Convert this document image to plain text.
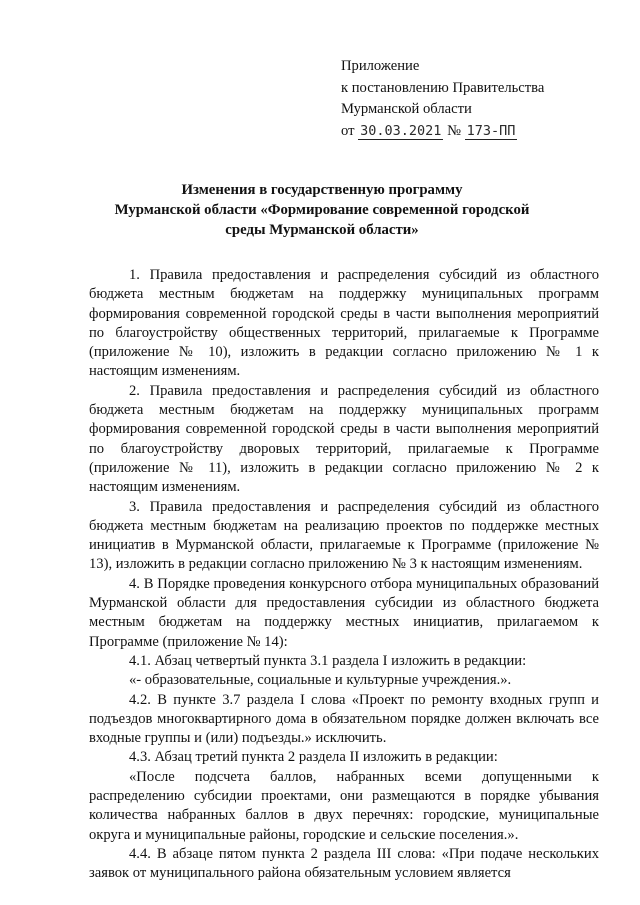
Приложение
к постановлению Правительства
Мурманской области
от 30.03.2021 № 173-ПП
Изменения в государственную программу
Мурманской области «Формирование современной городской
среды Мурманской области»

1. Правила предоставления и распределения субсидий из областного бюджета местным бюджетам на поддержку муниципальных программ формирования современной городской среды в части выполнения мероприятий по благоустройству общественных территорий, прилагаемые к Программе (приложение № 10), изложить в редакции согласно приложению № 1 к настоящим изменениям.

2. Правила предоставления и распределения субсидий из областного бюджета местным бюджетам на поддержку муниципальных программ формирования современной городской среды в части выполнения мероприятий по благоустройству дворовых территорий, прилагаемые к Программе (приложение № 11), изложить в редакции согласно приложению № 2 к настоящим изменениям.

3. Правила предоставления и распределения субсидий из областного бюджета местным бюджетам на реализацию проектов по поддержке местных инициатив в Мурманской области, прилагаемые к Программе (приложение № 13), изложить в редакции согласно приложению № 3 к настоящим изменениям.

4. В Порядке проведения конкурсного отбора муниципальных образований Мурманской области для предоставления субсидии из областного бюджета местным бюджетам на поддержку местных инициатив, прилагаемом к Программе (приложение № 14):

4.1. Абзац четвертый пункта 3.1 раздела I изложить в редакции:

«- образовательные, социальные и культурные учреждения.».

4.2. В пункте 3.7 раздела I слова «Проект по ремонту входных групп и подъездов многоквартирного дома в обязательном порядке должен включать все входные группы и (или) подъезды.» исключить.

4.3. Абзац третий пункта 2 раздела II изложить в редакции:

«После подсчета баллов, набранных всеми допущенными к распределению субсидии проектами, они размещаются в порядке убывания количества набранных баллов в двух перечнях: городские, муниципальные округа и муниципальные районы, городские и сельские поселения.».

4.4. В абзаце пятом пункта 2 раздела III слова: «При подаче нескольких заявок от муниципального района обязательным условием является
